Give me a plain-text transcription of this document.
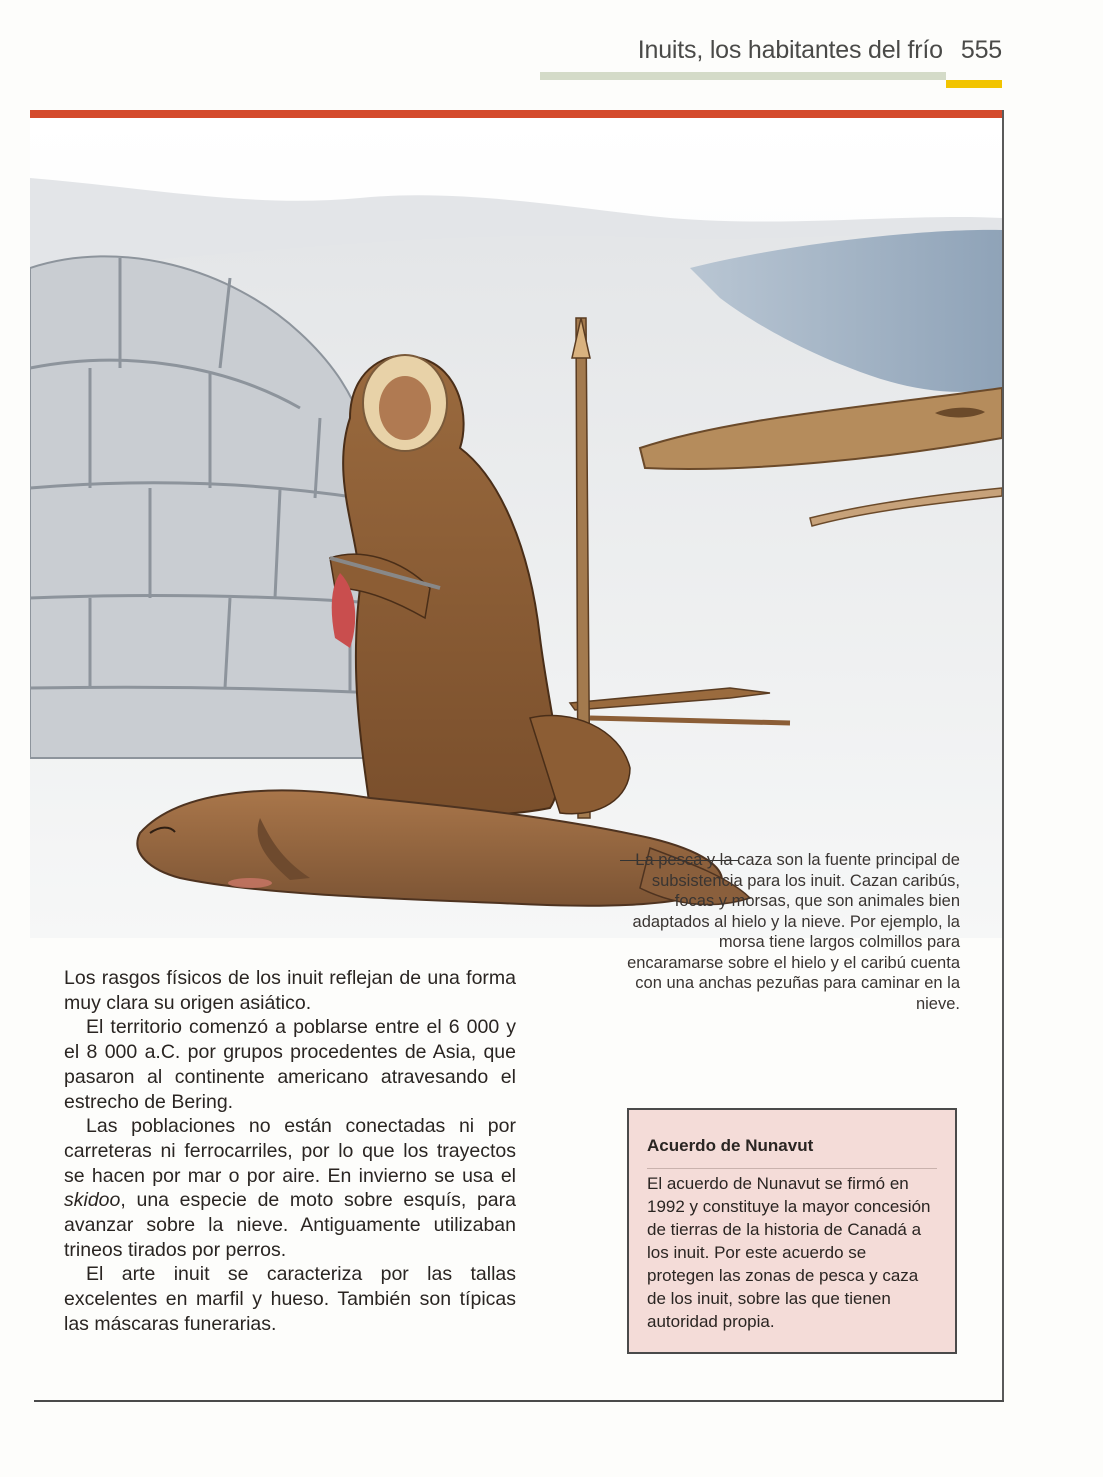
Inuits, los habitantes del frío 555
La pesca y la caza son la fuente principal de subsistencia para los inuit. Cazan caribús, focas y morsas, que son animales bien adaptados al hielo y la nieve. Por ejemplo, la morsa tiene largos colmillos para encaramarse sobre el hielo y el caribú cuenta con una anchas pezuñas para caminar en la nieve.

Los rasgos físicos de los inuit reflejan de una forma muy clara su origen asiático.

El territorio comenzó a poblarse entre el 6 000 y el 8 000 a.C. por grupos procedentes de Asia, que pasaron al continente americano atravesando el estrecho de Bering.

Las poblaciones no están conectadas ni por carreteras ni ferrocarriles, por lo que los trayectos se hacen por mar o por aire. En invierno se usa el skidoo, una especie de moto sobre esquís, para avanzar sobre la nieve. Antiguamente utilizaban trineos tirados por perros.

El arte inuit se caracteriza por las tallas excelentes en marfil y hueso. También son típicas las máscaras funerarias.

Acuerdo de Nunavut
El acuerdo de Nunavut se firmó en 1992 y constituye la mayor concesión de tierras de la historia de Canadá a los inuit. Por este acuerdo se protegen las zonas de pesca y caza de los inuit, sobre las que tienen autoridad propia.
